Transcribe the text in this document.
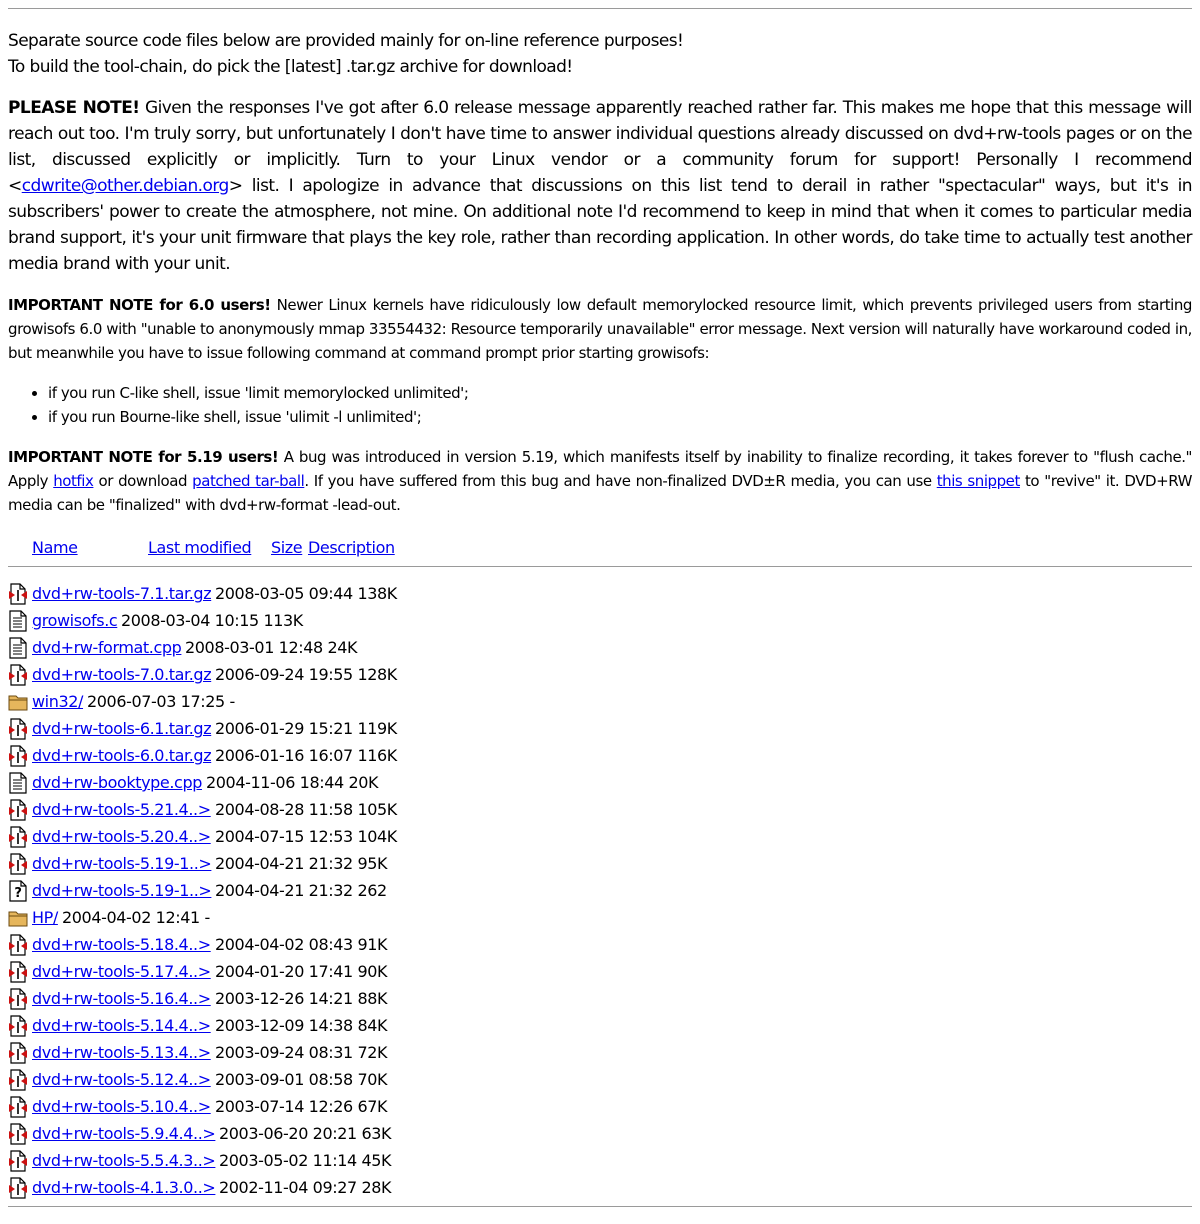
Separate source code files below are provided mainly for on-line reference purposes!
To build the tool-chain, do pick the [latest] .tar.gz archive for download!

PLEASE NOTE! Given the responses I've got after 6.0 release message apparently reached rather far. This makes me hope that this message will reach out too. I'm truly sorry, but unfortunately I don't have time to answer individual questions already discussed on dvd+rw-tools pages or on the list, discussed explicitly or implicitly. Turn to your Linux vendor or a community forum for support! Personally I recommend <cdwrite@other.debian.org> list. I apologize in advance that discussions on this list tend to derail in rather "spectacular" ways, but it's in subscribers' power to create the atmosphere, not mine. On additional note I'd recommend to keep in mind that when it comes to particular media brand support, it's your unit firmware that plays the key role, rather than recording application. In other words, do take time to actually test another media brand with your unit.

IMPORTANT NOTE for 6.0 users! Newer Linux kernels have ridiculously low default memorylocked resource limit, which prevents privileged users from starting growisofs 6.0 with "unable to anonymously mmap 33554432: Resource temporarily unavailable" error message. Next version will naturally have workaround coded in, but meanwhile you have to issue following command at command prompt prior starting growisofs:

• if you run C-like shell, issue 'limit memorylocked unlimited';
• if you run Bourne-like shell, issue 'ulimit -l unlimited';

IMPORTANT NOTE for 5.19 users! A bug was introduced in version 5.19, which manifests itself by inability to finalize recording, it takes forever to "flush cache." Apply hotfix or download patched tar-ball. If you have suffered from this bug and have non-finalized DVD±R media, you can use this snippet to "revive" it. DVD+RW media can be "finalized" with dvd+rw-format -lead-out.

Name	Last modified Size Description
dvd+rw-tools-7.1.tar.gz 2008-03-05 09:44 138K
growisofs.c 2008-03-04 10:15 113K
dvd+rw-format.cpp 2008-03-01 12:48 24K
dvd+rw-tools-7.0.tar.gz 2006-09-24 19:55 128K
win32/ 2006-07-03 17:25 -
dvd+rw-tools-6.1.tar.gz 2006-01-29 15:21 119K
dvd+rw-tools-6.0.tar.gz 2006-01-16 16:07 116K
dvd+rw-booktype.cpp 2004-11-06 18:44 20K
dvd+rw-tools-5.21.4..> 2004-08-28 11:58 105K
dvd+rw-tools-5.20.4..> 2004-07-15 12:53 104K
dvd+rw-tools-5.19-1..> 2004-04-21 21:32 95K
? dvd+rw-tools-5.19-1..> 2004-04-21 21:32 262
HP/ 2004-04-02 12:41 -
dvd+rw-tools-5.18.4..> 2004-04-02 08:43 91K
dvd+rw-tools-5.17.4..> 2004-01-20 17:41 90K
dvd+rw-tools-5.16.4..> 2003-12-26 14:21 88K
dvd+rw-tools-5.14.4..> 2003-12-09 14:38 84K
dvd+rw-tools-5.13.4..> 2003-09-24 08:31 72K
dvd+rw-tools-5.12.4..> 2003-09-01 08:58 70K
dvd+rw-tools-5.10.4..> 2003-07-14 12:26 67K
dvd+rw-tools-5.9.4.4..> 2003-06-20 20:21 63K
dvd+rw-tools-5.5.4.3..> 2003-05-02 11:14 45K
dvd+rw-tools-4.1.3.0..> 2002-11-04 09:27 28K
